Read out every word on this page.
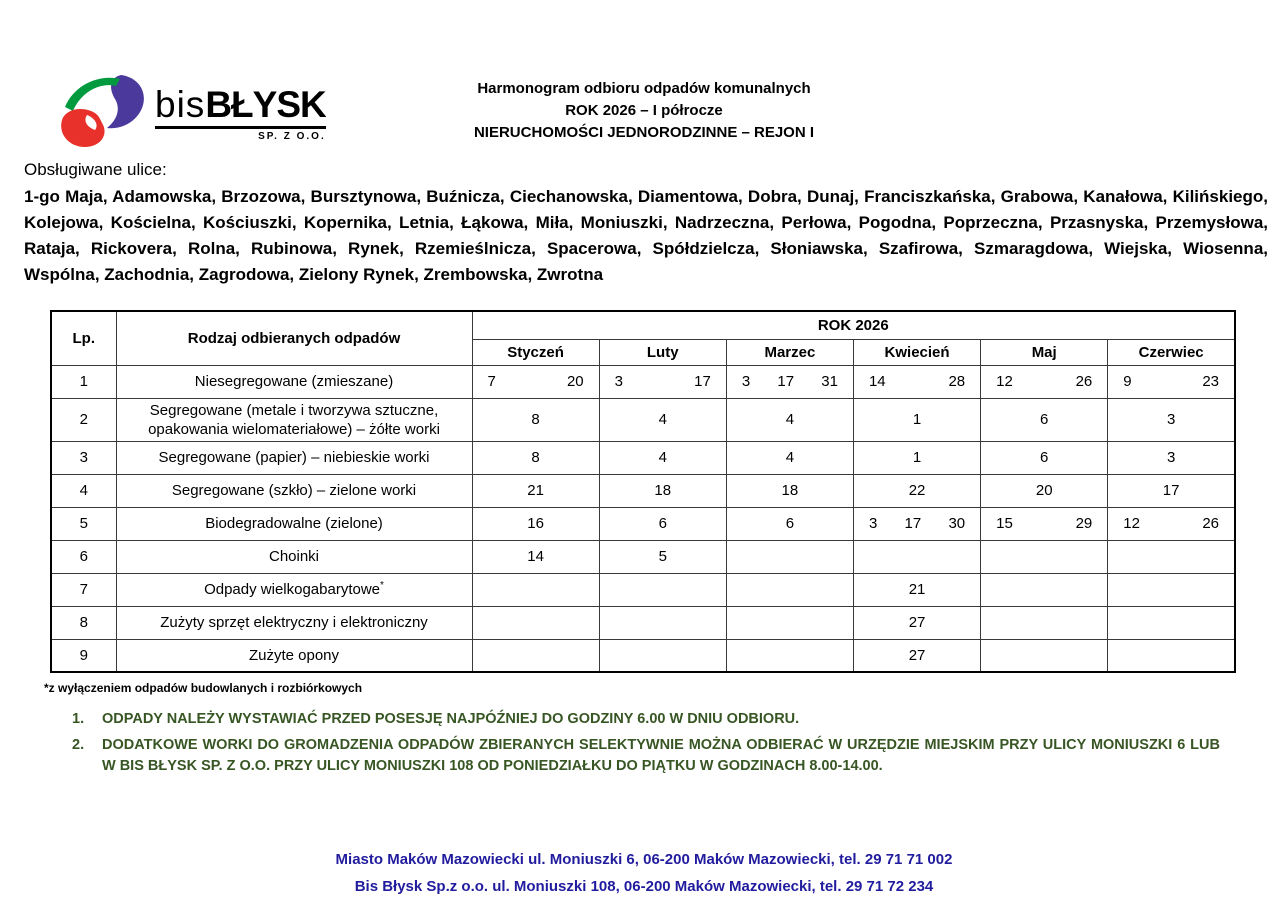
bisBŁYSK
SP. Z O.O.
Harmonogram odbioru odpadów komunalnych
ROK 2026 – I półrocze
NIERUCHOMOŚCI JEDNORODZINNE – REJON I
Obsługiwane ulice:
1-go Maja, Adamowska, Brzozowa, Bursztynowa, Buźnicza, Ciechanowska, Diamentowa, Dobra, Dunaj, Franciszkańska, Grabowa, Kanałowa, Kilińskiego, Kolejowa, Kościelna, Kościuszki, Kopernika, Letnia, Łąkowa, Miła, Moniuszki, Nadrzeczna, Perłowa, Pogodna, Poprzeczna, Przasnyska, Przemysłowa, Rataja, Rickovera, Rolna, Rubinowa, Rynek, Rzemieślnicza, Spacerowa, Spółdzielcza, Słoniawska, Szafirowa, Szmaragdowa, Wiejska, Wiosenna, Wspólna, Zachodnia, Zagrodowa, Zielony Rynek, Zrembowska, Zwrotna
Lp.	Rodzaj odbieranych odpadów	ROK 2026					
		Styczeń	Luty	Marzec	Kwiecień	Maj	Czerwiec
1	Niesegregowane (zmieszane)	7 20	3 17	3 17 31	14 28	12 26	9 23

2	Segregowane (metale i tworzywa sztuczne, opakowania wielomateriałowe) – żółte worki	8	4	4	1	6	3

3	Segregowane (papier) – niebieskie worki	8	4	4	1	6	3

4	Segregowane (szkło) – zielone worki	21	18	18	22	20	17

5	Biodegradowalne (zielone)	16	6	6	3 17 30	15 29	12 26

6	Choinki	14	5				

7	Odpady wielkogabarytowe*				21		

8	Zużyty sprzęt elektryczny i elektroniczny				27		

9	Zużyte opony				27		

*z wyłączeniem odpadów budowlanych i rozbiórkowych
1.	ODPADY NALEŻY WYSTAWIAĆ PRZED POSESJĘ NAJPÓŹNIEJ DO GODZINY 6.00 W DNIU ODBIORU.
2.	DODATKOWE WORKI DO GROMADZENIA ODPADÓW ZBIERANYCH SELEKTYWNIE MOŻNA ODBIERAĆ W URZĘDZIE MIEJSKIM PRZY ULICY MONIUSZKI 6 LUB W BIS BŁYSK SP. Z O.O. PRZY ULICY MONIUSZKI 108 OD PONIEDZIAŁKU DO PIĄTKU W GODZINACH 8.00-14.00.
Miasto Maków Mazowiecki ul. Moniuszki 6, 06-200 Maków Mazowiecki, tel. 29 71 71 002
Bis Błysk Sp.z o.o. ul. Moniuszki 108, 06-200 Maków Mazowiecki, tel. 29 71 72 234
